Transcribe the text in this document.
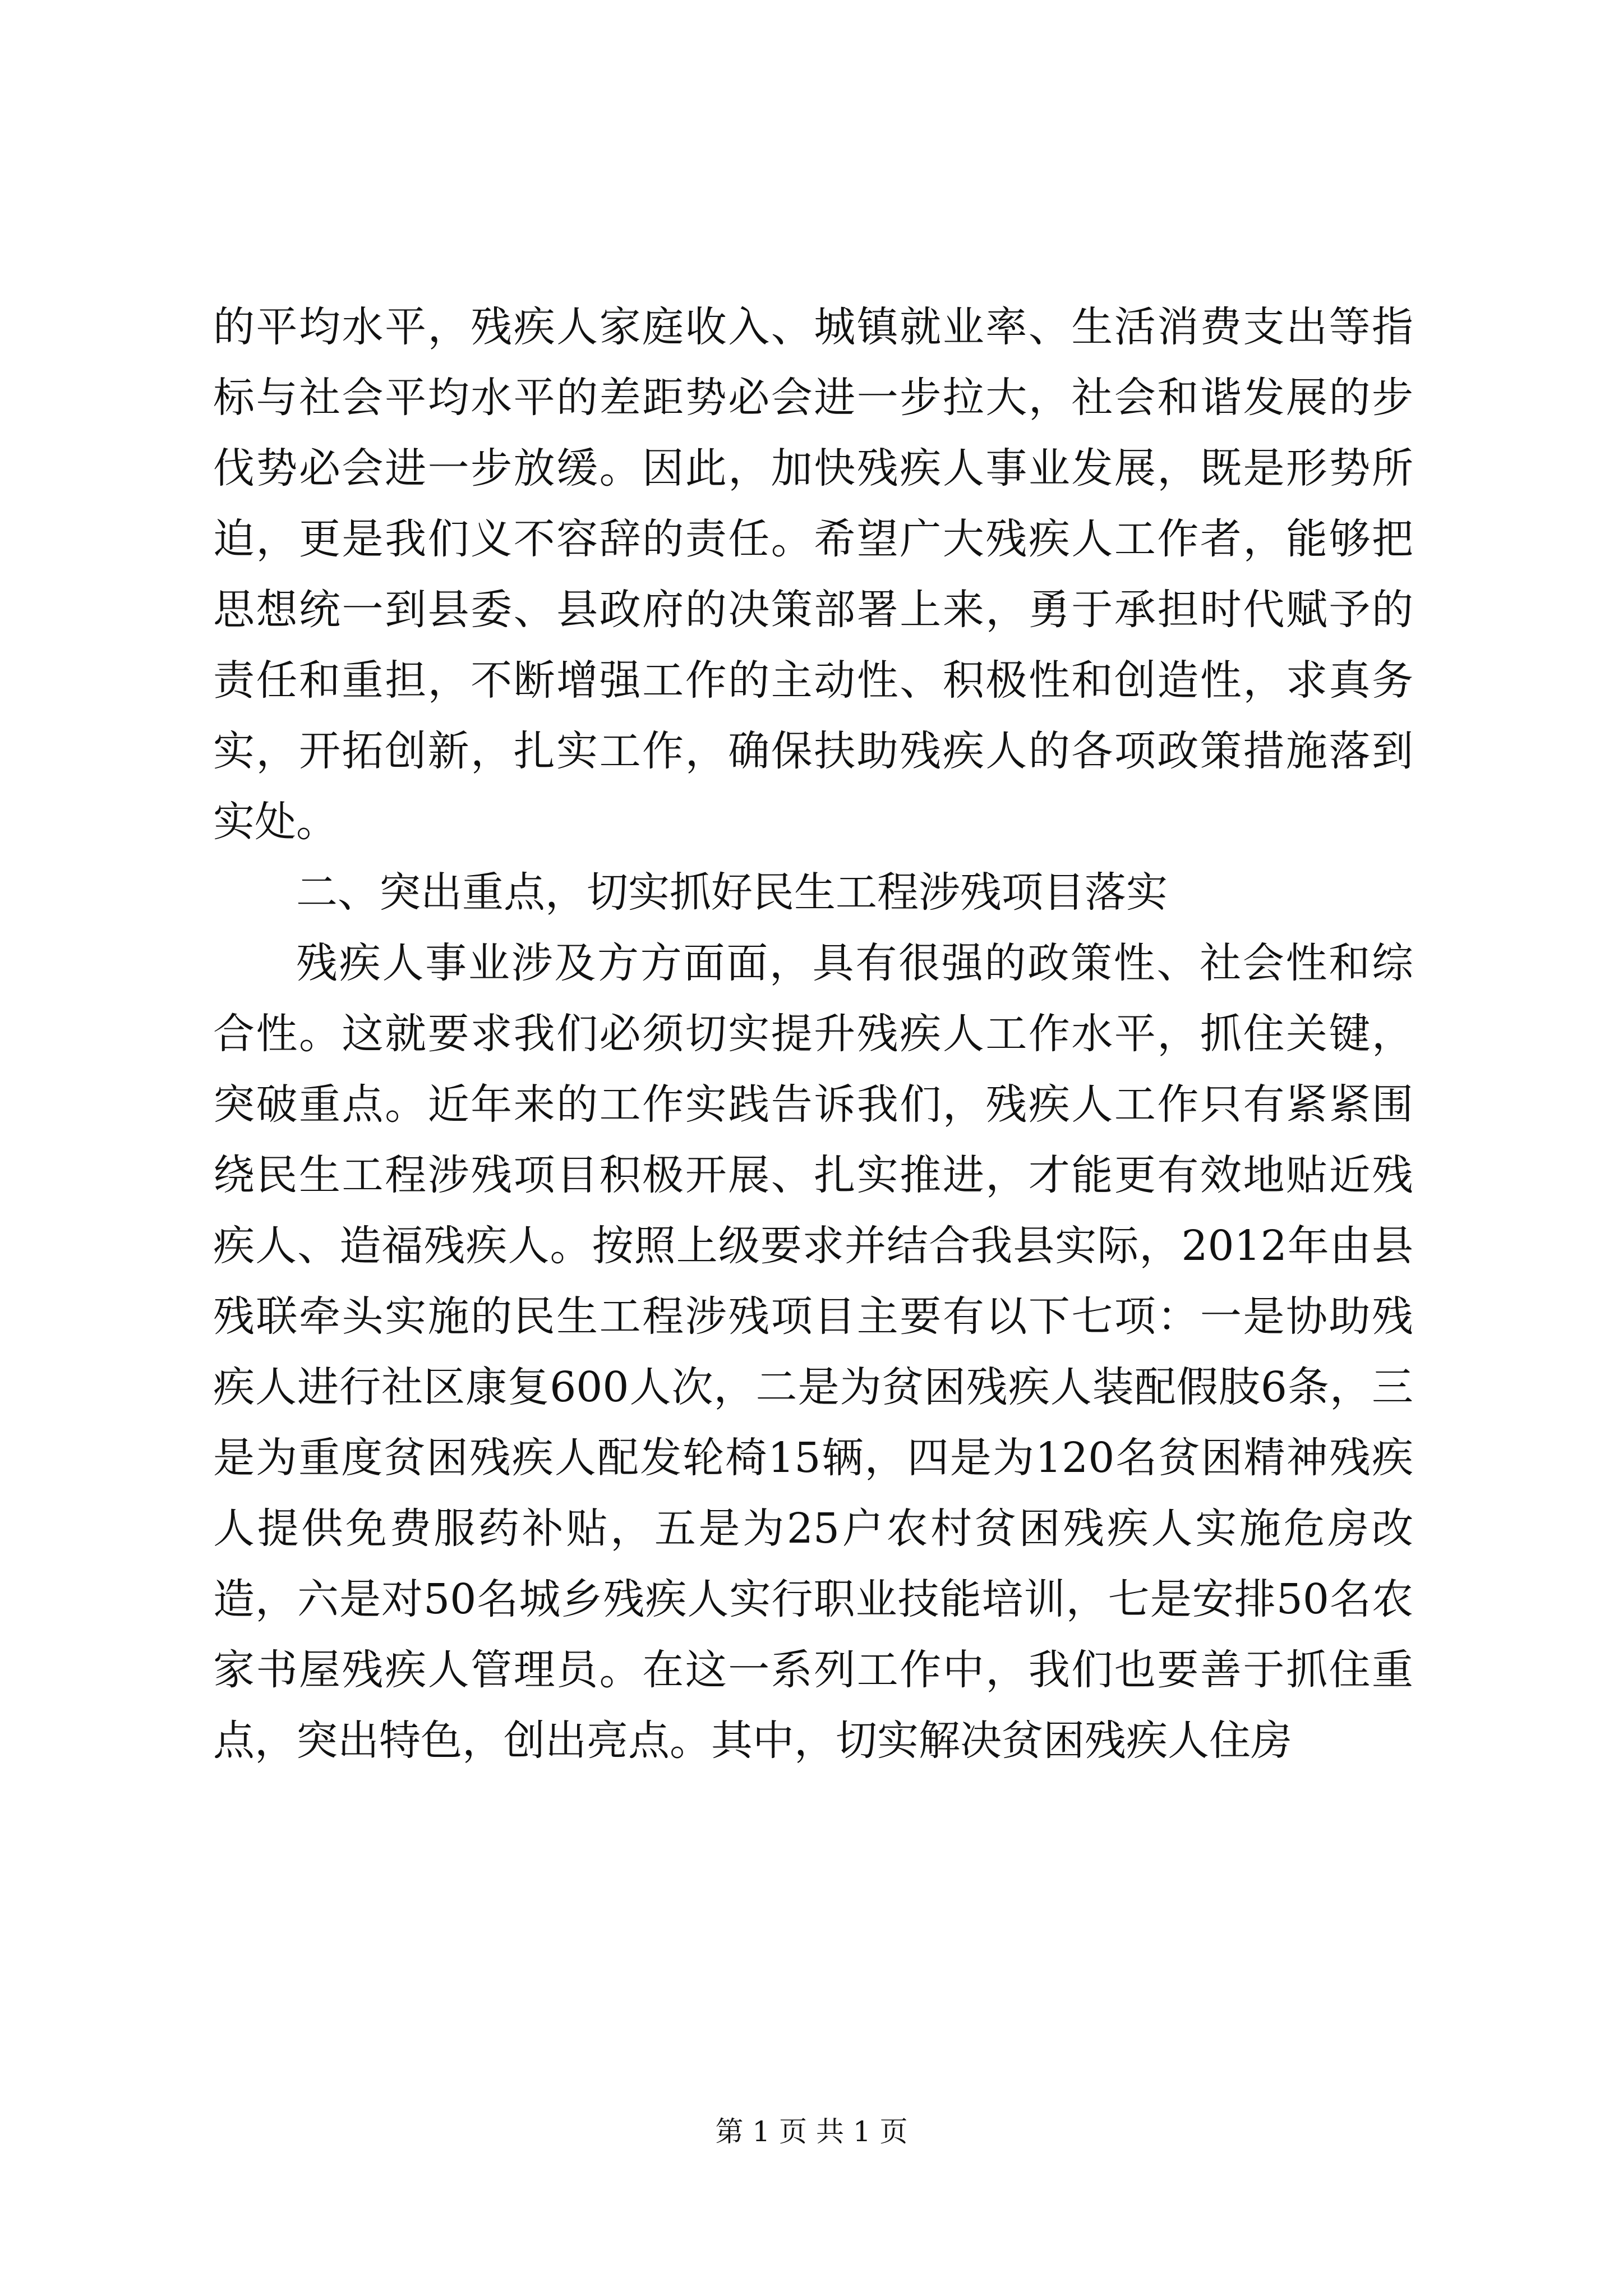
的平均水平，残疾人家庭收入、城镇就业率、生活消费支出等指标与社会平均水平的差距势必会进一步拉大，社会和谐发展的步伐势必会进一步放缓。因此，加快残疾人事业发展，既是形势所迫，更是我们义不容辞的责任。希望广大残疾人工作者，能够把思想统一到县委、县政府的决策部署上来，勇于承担时代赋予的责任和重担，不断增强工作的主动性、积极性和创造性，求真务实，开拓创新，扎实工作，确保扶助残疾人的各项政策措施落到实处。

二、突出重点，切实抓好民生工程涉残项目落实

残疾人事业涉及方方面面，具有很强的政策性、社会性和综合性。这就要求我们必须切实提升残疾人工作水平，抓住关键，突破重点。近年来的工作实践告诉我们，残疾人工作只有紧紧围绕民生工程涉残项目积极开展、扎实推进，才能更有效地贴近残疾人、造福残疾人。按照上级要求并结合我县实际，2012年由县残联牵头实施的民生工程涉残项目主要有以下七项：一是协助残疾人进行社区康复600人次，二是为贫困残疾人装配假肢6条，三是为重度贫困残疾人配发轮椅15辆，四是为120名贫困精神残疾人提供免费服药补贴，五是为25户农村贫困残疾人实施危房改造，六是对50名城乡残疾人实行职业技能培训，七是安排50名农家书屋残疾人管理员。在这一系列工作中，我们也要善于抓住重点，突出特色，创出亮点。其中，切实解决贫困残疾人住房

第 1 页 共 1 页
